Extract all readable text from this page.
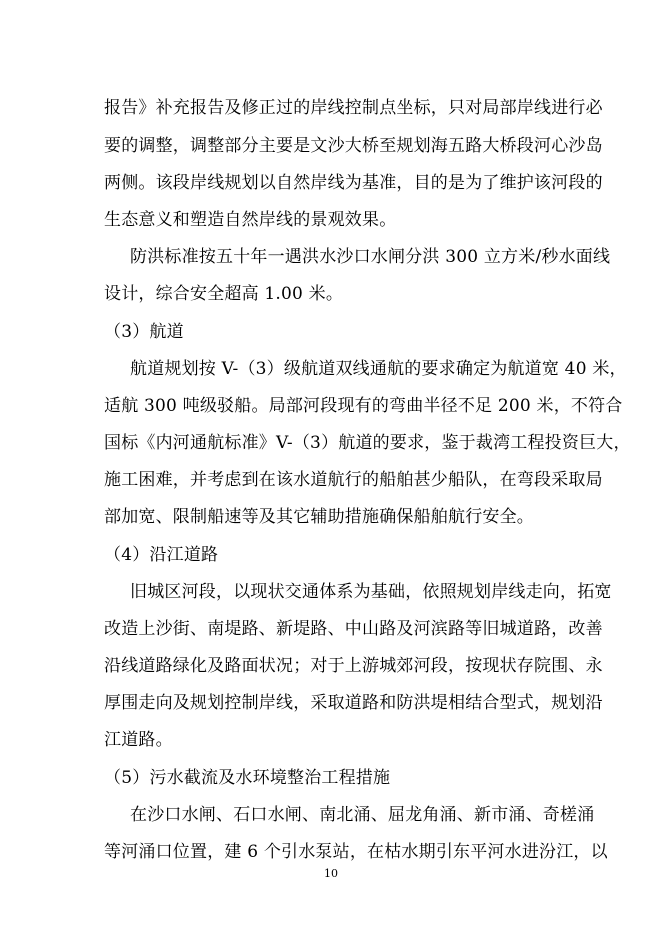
报告》补充报告及修正过的岸线控制点坐标，只对局部岸线进行必
要的调整，调整部分主要是文沙大桥至规划海五路大桥段河心沙岛
两侧。该段岸线规划以自然岸线为基准，目的是为了维护该河段的
生态意义和塑造自然岸线的景观效果。
防洪标准按五十年一遇洪水沙口水闸分洪 300 立方米/秒水面线
设计，综合安全超高 1.00 米。
（3）航道
航道规划按 V-（3）级航道双线通航的要求确定为航道宽 40 米，
适航 300 吨级驳船。局部河段现有的弯曲半径不足 200 米，不符合
国标《内河通航标准》V-（3）航道的要求，鉴于裁湾工程投资巨大，
施工困难，并考虑到在该水道航行的船舶甚少船队，在弯段采取局
部加宽、限制船速等及其它辅助措施确保船舶航行安全。
（4）沿江道路
旧城区河段，以现状交通体系为基础，依照规划岸线走向，拓宽
改造上沙街、南堤路、新堤路、中山路及河滨路等旧城道路，改善
沿线道路绿化及路面状况；对于上游城郊河段，按现状存院围、永
厚围走向及规划控制岸线，采取道路和防洪堤相结合型式，规划沿
江道路。
（5）污水截流及水环境整治工程措施
在沙口水闸、石口水闸、南北涌、屈龙角涌、新市涌、奇槎涌
等河涌口位置，建 6 个引水泵站，在枯水期引东平河水进汾江，以
10
